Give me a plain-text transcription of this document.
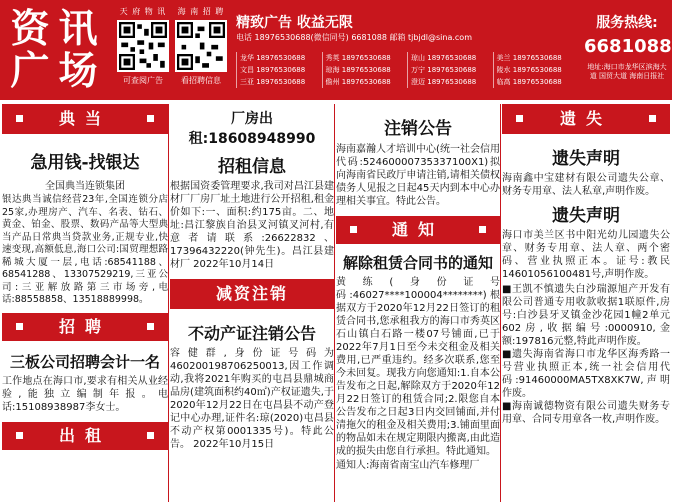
资 讯
广 场
天 府 物 讯
可查阅广告
海 南 招 聘
看招聘信息
精致广告 收益无限
电话 18976530688(微信同号) 6681088 邮箱 tjbjdl@sina.com
龙华 18976530688	秀英 18976530688	琼山 18976530688	美兰 18976530688
文昌 18976530688	琼海 18976530688	万宁 18976530688	陵水 18976530688
三亚 18976530688	儋州 18976530688	澄迈 18976530688	临高 18976530688
服务热线:
66810888
地址:海口市龙华区滨海大道 国贸大道 海南日报社
典当
急用钱-找银达
全国典当连锁集团
银达典当诚信经营23年,全国连锁分店25家,办理房产、汽车、名表、钻石、黄金、铂金、股票、数码产品等大型典当产品日常典当贷款业务,正规专业,快速变现,高额低息,海口公司:国贸理想路稀城大厦一层,电话:68541188、68541288、13307529219,三亚公司:三亚解放路第三市场旁,电话:88558858、13518889998。
招聘
三板公司招聘会计一名
工作地点在海口市,要求有相关从业经验,能独立编制年报。电话:15108938987李女士。
出租
厂房出租:18608948990
招租信息
根据国资委管理要求,我司对昌江县建材厂厂房厂址土地进行公开招租,租金价如下:一、面积:约175亩。二、地址:昌江黎族自治县叉河镇叉河村,有意者请联系:26622832、17396432220(钟先生)。昌江县建材厂 2022年10月14日
减资注销
不动产证注销公告
容健群,身份证号码为460200198706250013,因工作调动,我将2021年购买的屯昌县鼎城商品房(建筑面积约40㎡)产权证遗失,于2020年12月22日在屯昌县不动产登记中心办理,证件名:琼(2020)屯昌县不动产权第0001335号)。特此公告。 2022年10月15日
注销公告
海南嘉瀚人才培训中心(统一社会信用代码:52460000735337100X1)拟向海南省民政厅申请注销,请相关债权债务人见报之日起45天内到本中心办理相关事宜。特此公告。
通知
解除租赁合同书的通知
黄练(身份证号码:46027****100004********)根据双方于2020年12月22日签订的租赁合同书,您承租我方的海口市秀英区石山镇白石路一楼07号铺面,已于2022年7月1日至今未交租金及相关费用,已严重违约。经多次联系,您至今未回复。现我方向您通知:1.自本公告发布之日起,解除双方于2020年12月22日签订的租赁合同;2.限您自本公告发布之日起3日内交回铺面,并付清拖欠的租金及相关费用;3.铺面里面的物品如未在规定期限内搬离,由此造成的损失由您自行承担。特此通知。
通知人:海南省南宝山汽车修理厂
遗失
遗失声明
海南鑫中宝建材有限公司遗失公章、财务专用章、法人私章,声明作废。
遗失声明
海口市美兰区书中阳光幼儿园遗失公章、财务专用章、法人章、两个密码、营业执照正本。证号:教民14601056100481号,声明作废。
■王凯不慎遗失白沙瑞源旭产开发有限公司普通专用收款收据1联原件,房号:白沙县牙叉镇金沙花园1幢2单元602房,收据编号:0000910,金额:197816元整,特此声明作废。
■遗失海南省海口市龙华区海秀路一号营业执照正本,统一社会信用代码:91460000MA5TX8XK7W,声明作废。
■海南诚德物资有限公司遗失财务专用章、合同专用章各一枚,声明作废。
